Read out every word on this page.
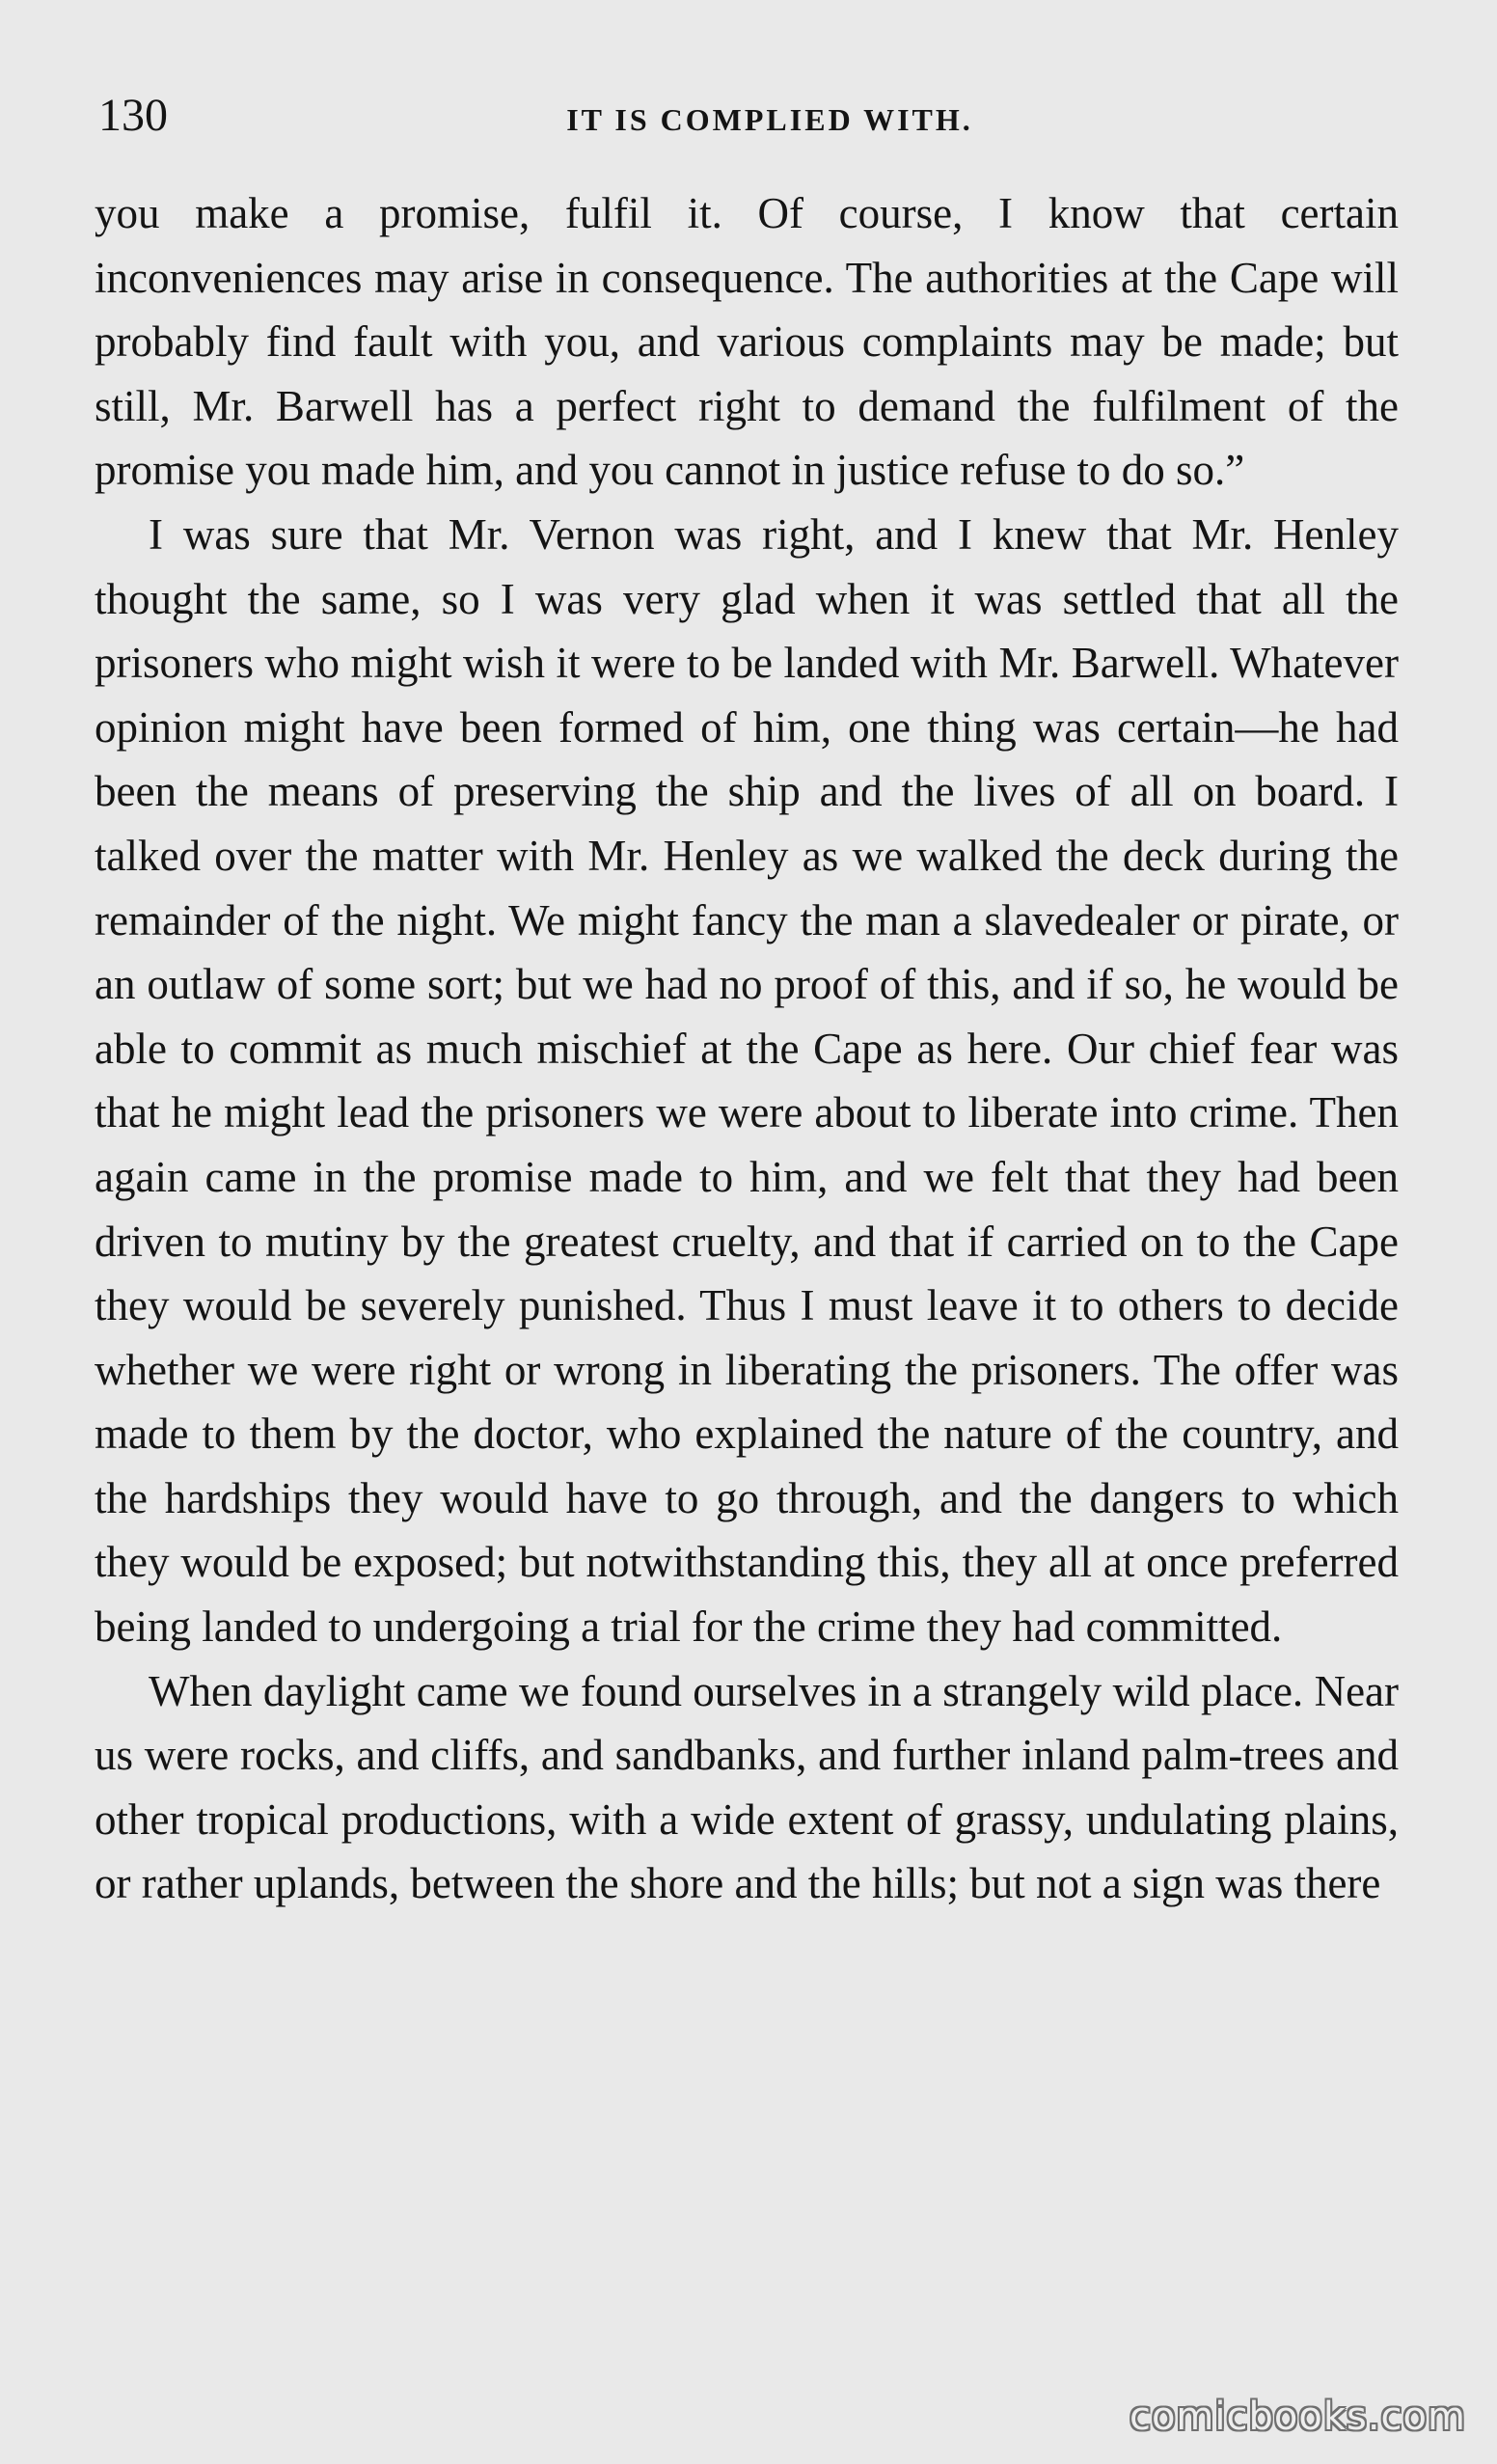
130	IT IS COMPLIED WITH.

you make a promise, fulfil it. Of course, I know that certain inconveniences may arise in consequence. The authorities at the Cape will probably find fault with you, and various complaints may be made; but still, Mr. Barwell has a perfect right to demand the fulfilment of the promise you made him, and you cannot in justice refuse to do so.”

I was sure that Mr. Vernon was right, and I knew that Mr. Henley thought the same, so I was very glad when it was settled that all the prisoners who might wish it were to be landed with Mr. Barwell. Whatever opinion might have been formed of him, one thing was certain—he had been the means of preserving the ship and the lives of all on board. I talked over the matter with Mr. Henley as we walked the deck during the remainder of the night. We might fancy the man a slavedealer or pirate, or an outlaw of some sort; but we had no proof of this, and if so, he would be able to commit as much mischief at the Cape as here. Our chief fear was that he might lead the prisoners we were about to liberate into crime. Then again came in the promise made to him, and we felt that they had been driven to mutiny by the greatest cruelty, and that if carried on to the Cape they would be severely punished. Thus I must leave it to others to decide whether we were right or wrong in liberating the prisoners. The offer was made to them by the doctor, who explained the nature of the country, and the hardships they would have to go through, and the dangers to which they would be exposed; but notwithstanding this, they all at once preferred being landed to undergoing a trial for the crime they had committed.

When daylight came we found ourselves in a strangely wild place. Near us were rocks, and cliffs, and sandbanks, and further inland palm-trees and other tropical productions, with a wide extent of grassy, undulating plains, or rather uplands, between the shore and the hills; but not a sign was there

comicbooks.com
